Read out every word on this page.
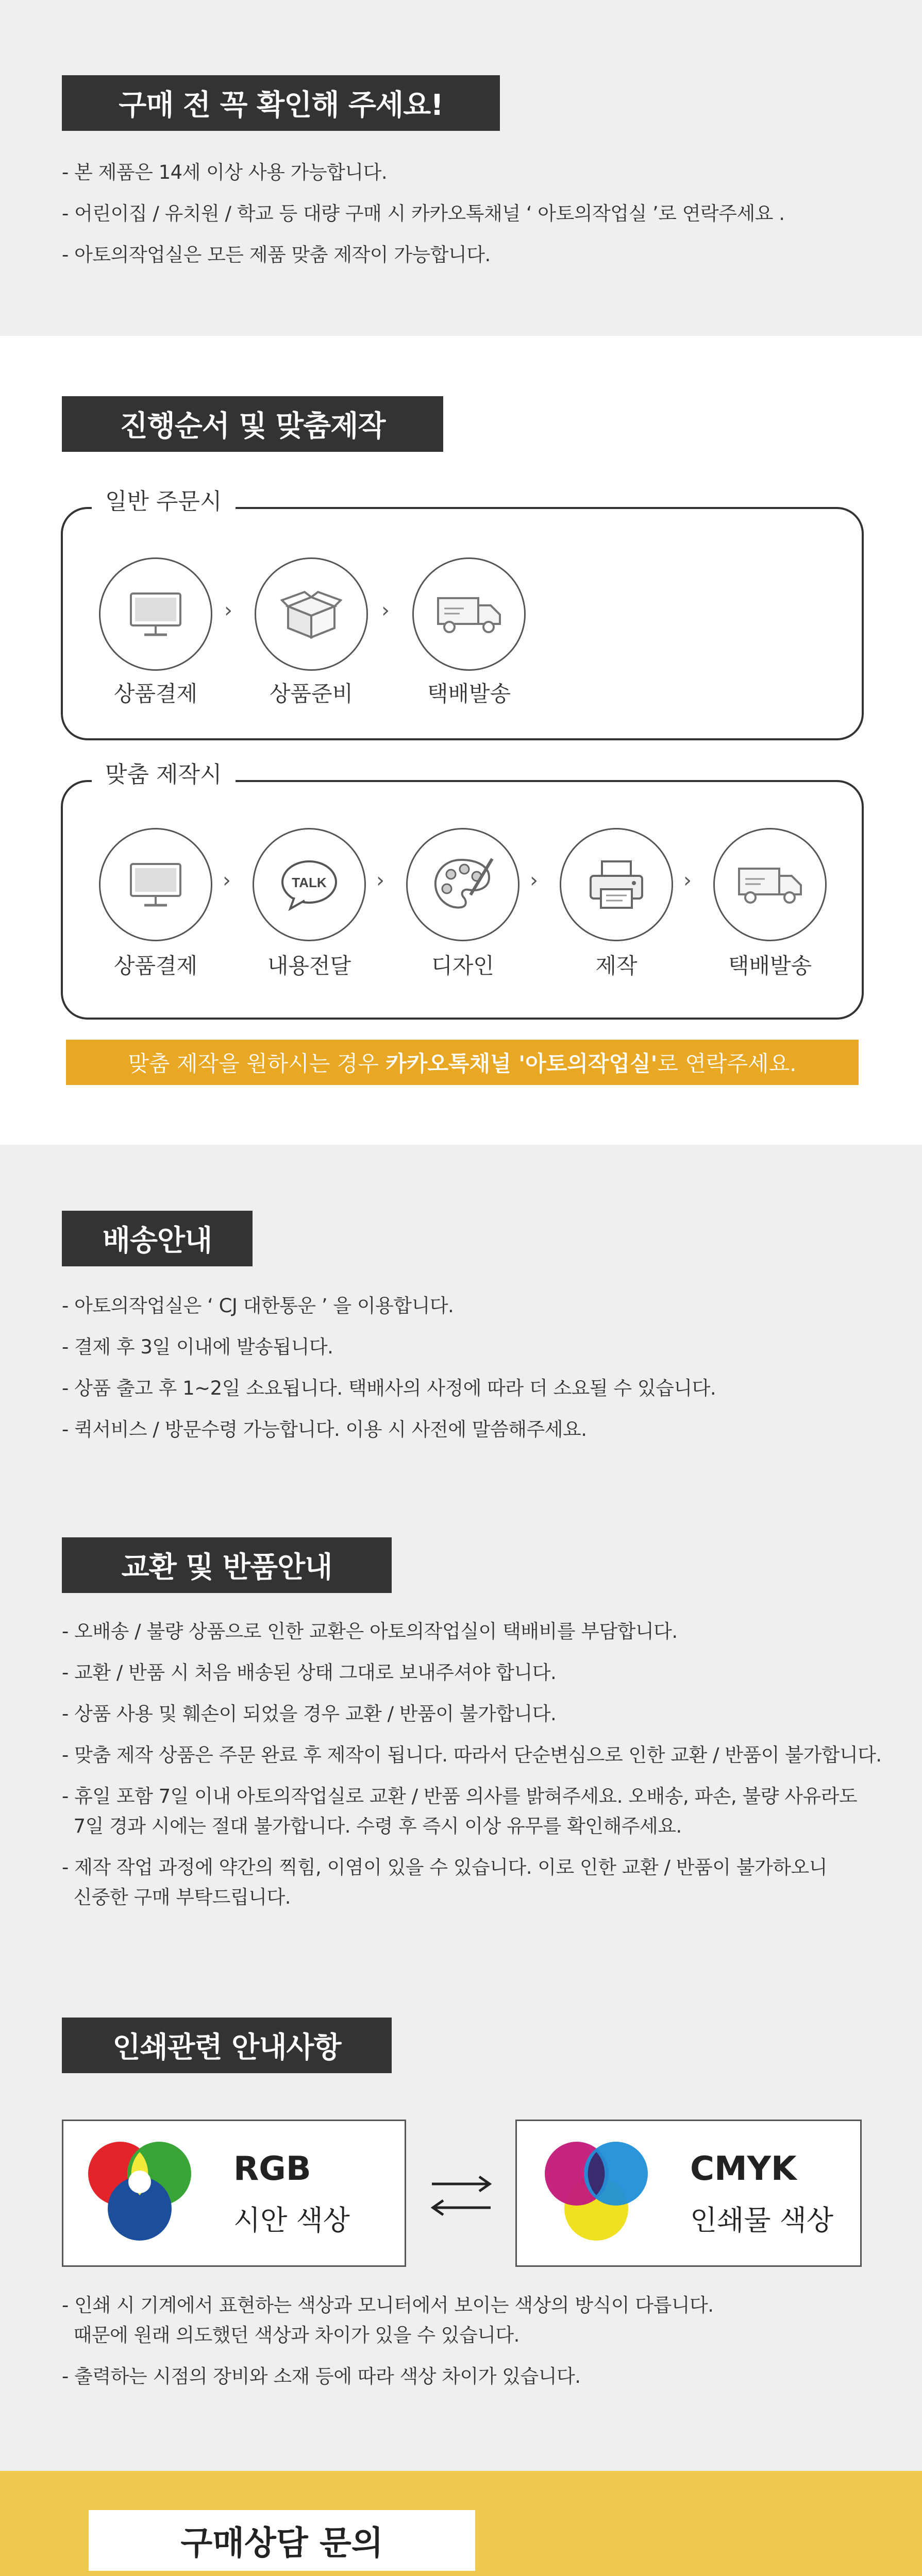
구매 전 꼭 확인해 주세요!
- 본 제품은 14세 이상 사용 가능합니다.
- 어린이집 / 유치원 / 학교 등 대량 구매 시 카카오톡채널 ‘ 아토의작업실 ’로 연락주세요 .
- 아토의작업실은 모든 제품 맞춤 제작이 가능합니다.
진행순서 및 맞춤제작
일반 주문시
›	›
상품결제	상품준비	택배발송
맞춤 제작시
›	TALK ›	›	›
상품결제	내용전달	디자인	제작	택배발송
맞춤 제작을 원하시는 경우 카카오톡채널 '아토의작업실' 로 연락주세요.
배송안내
- 아토의작업실은 ‘ CJ 대한통운 ’ 을 이용합니다.
- 결제 후 3일 이내에 발송됩니다.
- 상품 출고 후 1~2일 소요됩니다. 택배사의 사정에 따라 더 소요될 수 있습니다.
- 퀵서비스 / 방문수령 가능합니다. 이용 시 사전에 말씀해주세요.
교환 및 반품안내
- 오배송 / 불량 상품으로 인한 교환은 아토의작업실이 택배비를 부담합니다.
- 교환 / 반품 시 처음 배송된 상태 그대로 보내주셔야 합니다.
- 상품 사용 및 훼손이 되었을 경우 교환 / 반품이 불가합니다.
- 맞춤 제작 상품은 주문 완료 후 제작이 됩니다. 따라서 단순변심으로 인한 교환 / 반품이 불가합니다.
- 휴일 포함 7일 이내 아토의작업실로 교환 / 반품 의사를 밝혀주세요. 오배송, 파손, 불량 사유라도
7일 경과 시에는 절대 불가합니다. 수령 후 즉시 이상 유무를 확인해주세요.
- 제작 작업 과정에 약간의 찍힘, 이염이 있을 수 있습니다. 이로 인한 교환 / 반품이 불가하오니
신중한 구매 부탁드립니다.
인쇄관련 안내사항
RGB
시안 색상
CMYK
인쇄물 색상
- 인쇄 시 기계에서 표현하는 색상과 모니터에서 보이는 색상의 방식이 다릅니다.
때문에 원래 의도했던 색상과 차이가 있을 수 있습니다.
- 출력하는 시점의 장비와 소재 등에 따라 색상 차이가 있습니다.
구매상담 문의
